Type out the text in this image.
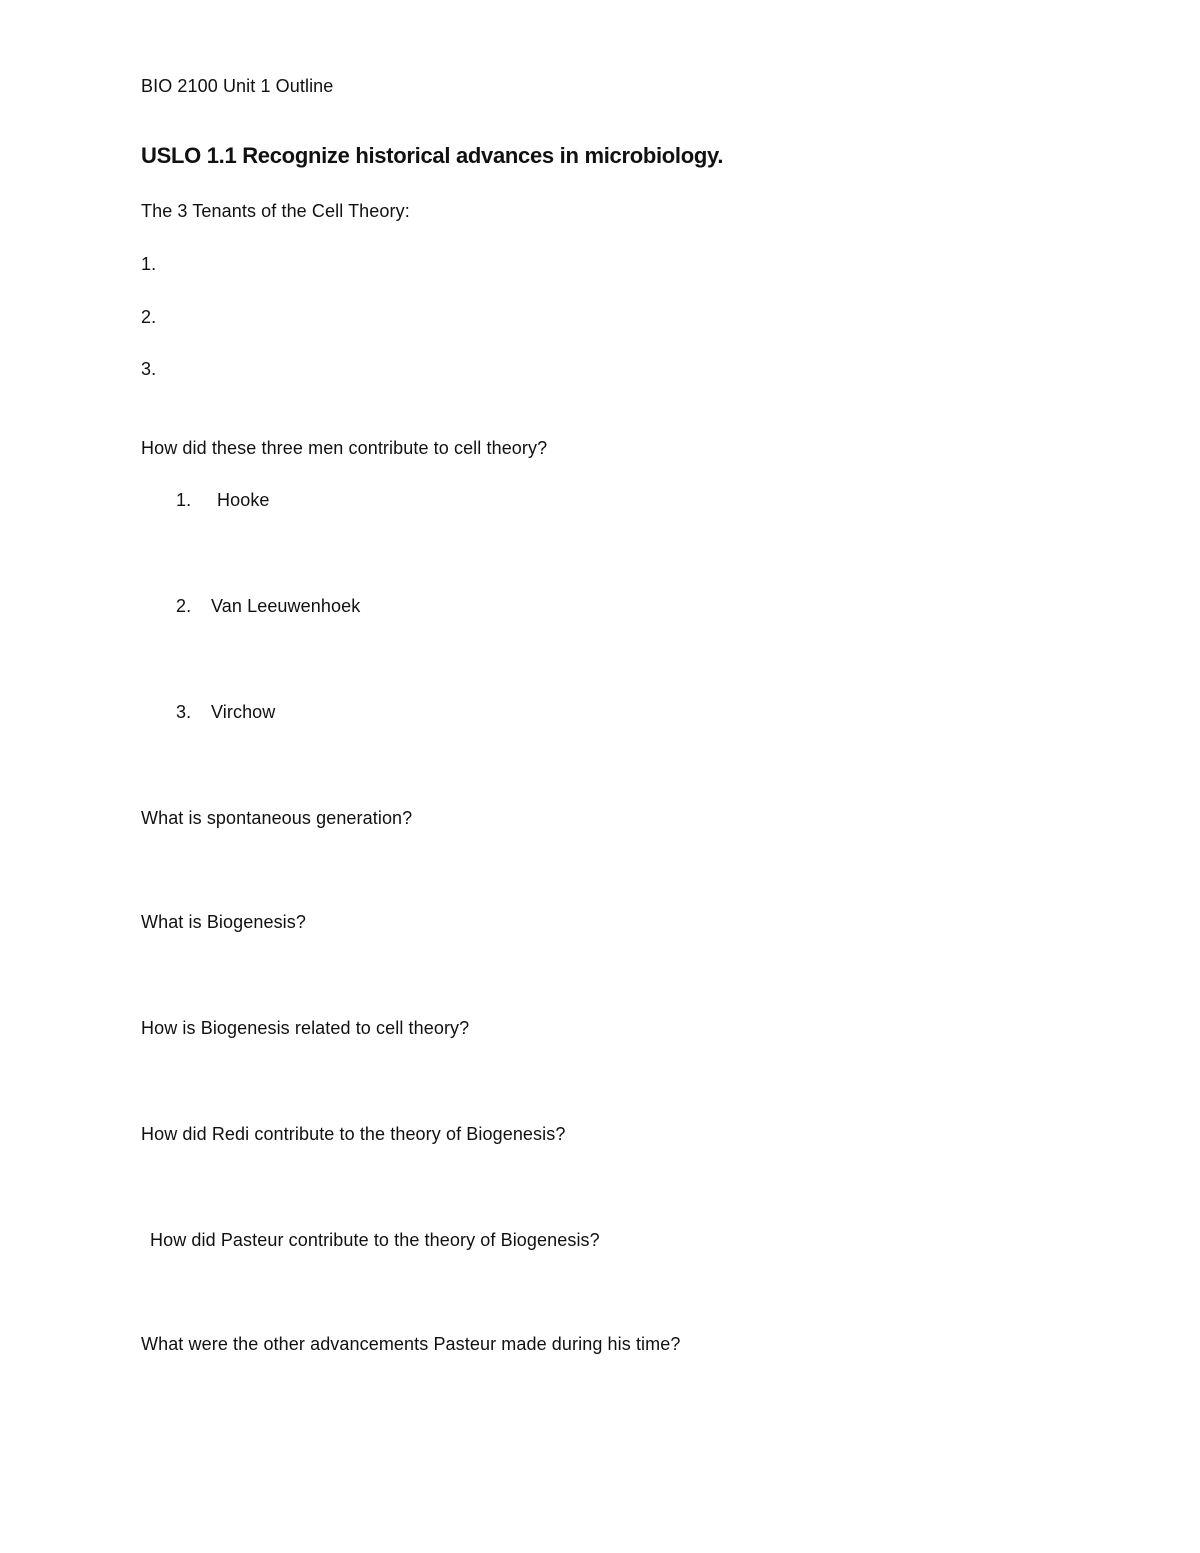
BIO 2100 Unit 1 Outline
USLO 1.1 Recognize historical advances in microbiology.
The 3 Tenants of the Cell Theory:
1.
2.
3.
How did these three men contribute to cell theory?
1. Hooke
2. Van Leeuwenhoek
3. Virchow
What is spontaneous generation?
What is Biogenesis?
How is Biogenesis related to cell theory?
How did Redi contribute to the theory of Biogenesis?
How did Pasteur contribute to the theory of Biogenesis?
What were the other advancements Pasteur made during his time?
